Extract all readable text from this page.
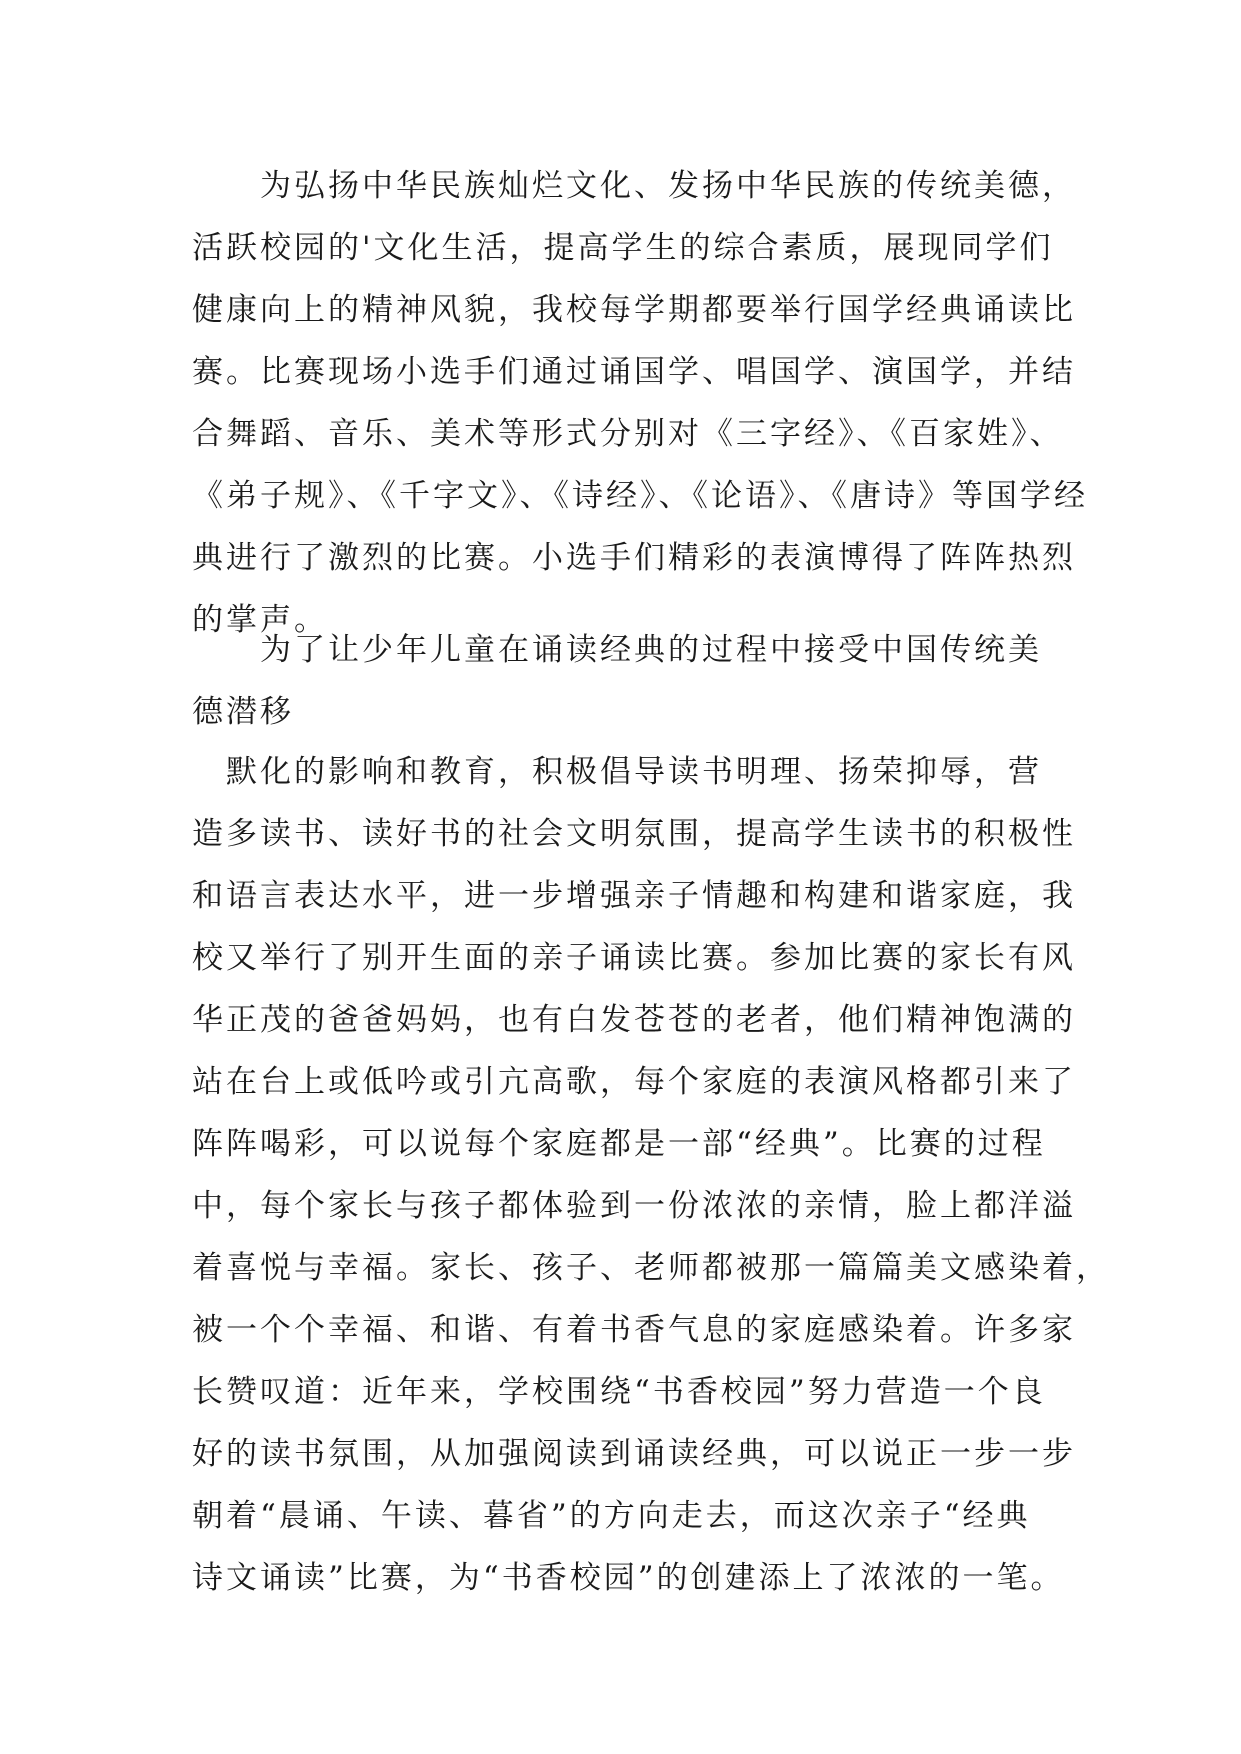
　　为弘扬中华民族灿烂文化、发扬中华民族的传统美德，
活跃校园的'文化生活，提高学生的综合素质，展现同学们
健康向上的精神风貌，我校每学期都要举行国学经典诵读比
赛。比赛现场小选手们通过诵国学、唱国学、演国学，并结
合舞蹈、音乐、美术等形式分别对《三字经》、《百家姓》、
《弟子规》、《千字文》、《诗经》、《论语》、《唐诗》等国学经
典进行了激烈的比赛。小选手们精彩的表演博得了阵阵热烈
的掌声。
　　为了让少年儿童在诵读经典的过程中接受中国传统美
德潜移
　默化的影响和教育，积极倡导读书明理、扬荣抑辱，营
造多读书、读好书的社会文明氛围，提高学生读书的积极性
和语言表达水平，进一步增强亲子情趣和构建和谐家庭，我
校又举行了别开生面的亲子诵读比赛。参加比赛的家长有风
华正茂的爸爸妈妈，也有白发苍苍的老者，他们精神饱满的
站在台上或低吟或引亢高歌，每个家庭的表演风格都引来了
阵阵喝彩，可以说每个家庭都是一部“经典”。比赛的过程
中，每个家长与孩子都体验到一份浓浓的亲情，脸上都洋溢
着喜悦与幸福。家长、孩子、老师都被那一篇篇美文感染着，
被一个个幸福、和谐、有着书香气息的家庭感染着。许多家
长赞叹道：近年来，学校围绕“书香校园”努力营造一个良
好的读书氛围，从加强阅读到诵读经典，可以说正一步一步
朝着“晨诵、午读、暮省”的方向走去，而这次亲子“经典
诗文诵读”比赛，为“书香校园”的创建添上了浓浓的一笔。
